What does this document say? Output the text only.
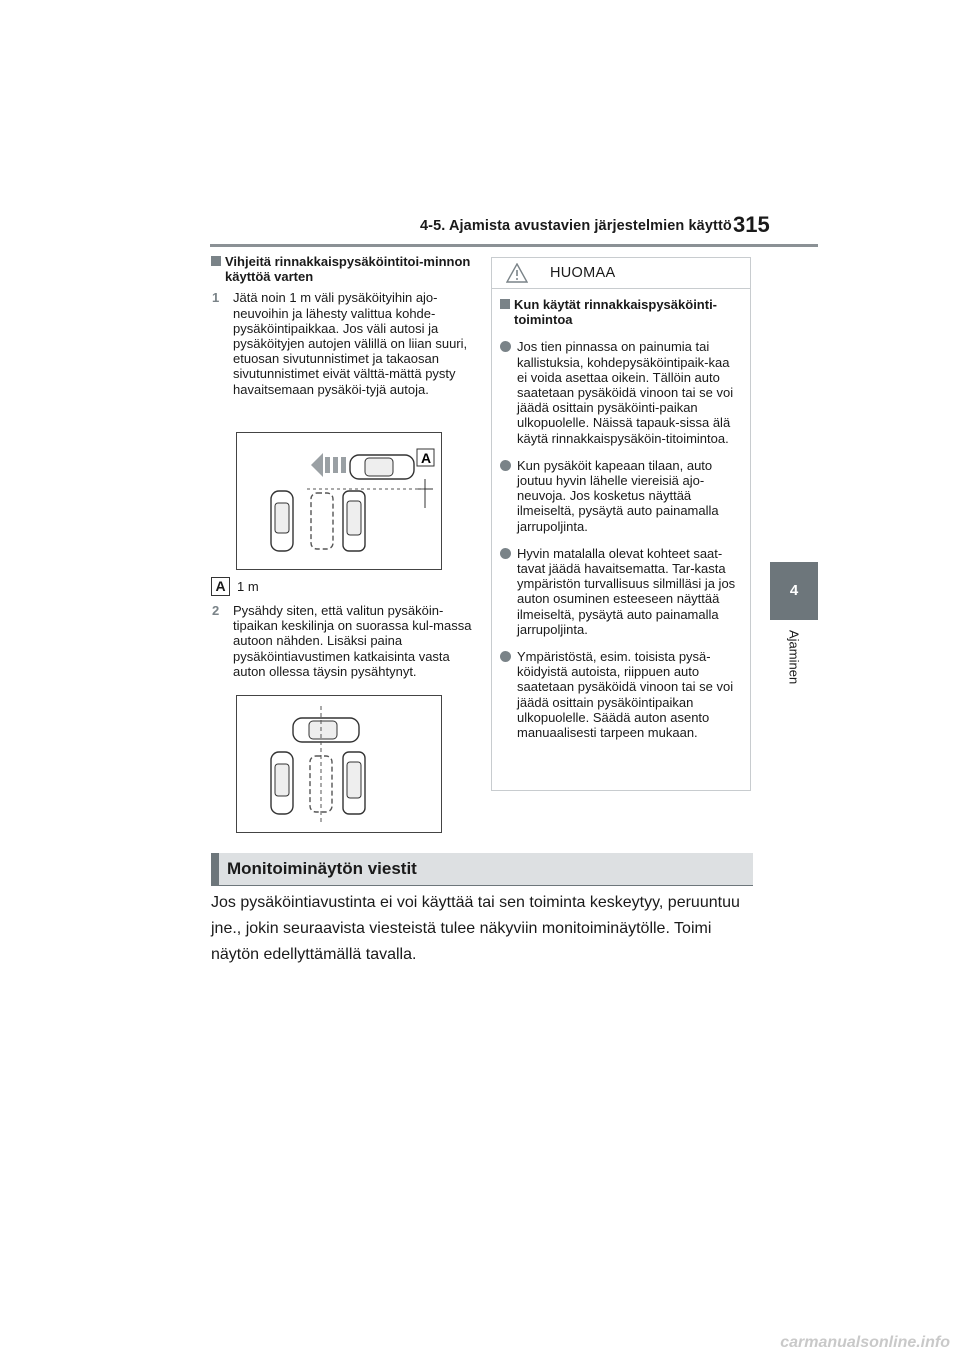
4-5. Ajamista avustavien järjestelmien käyttö 315
4
Ajaminen
Vihjeitä rinnakkaispysäköintitoi-minnon käyttöä varten
1 Jätä noin 1 m väli pysäköityihin ajo-neuvoihin ja lähesty valittua kohde-pysäköintipaikkaa. Jos väli autosi ja pysäköityjen autojen välillä on liian suuri, etuosan sivutunnistimet ja takaosan sivutunnistimet eivät välttä-mättä pysty havaitsemaan pysäköi-tyjä autoja.
A
A 1 m
2 Pysähdy siten, että valitun pysäköin-tipaikan keskilinja on suorassa kul-massa autoon nähden. Lisäksi paina pysäköintiavustimen katkaisinta vasta auton ollessa täysin pysähtynyt.
HUOMAA
Kun käytät rinnakkaispysäköinti-toimintoa
Jos tien pinnassa on painumia tai kallistuksia, kohdepysäköintipaik-kaa ei voida asettaa oikein. Tällöin auto saatetaan pysäköidä vinoon tai se voi jäädä osittain pysäköinti-paikan ulkopuolelle. Näissä tapauk-sissa älä käytä rinnakkaispysäköin-titoimintoa.
Kun pysäköit kapeaan tilaan, auto joutuu hyvin lähelle viereisiä ajo-neuvoja. Jos kosketus näyttää ilmeiseltä, pysäytä auto painamalla jarrupoljinta.
Hyvin matalalla olevat kohteet saat-tavat jäädä havaitsematta. Tar-kasta ympäristön turvallisuus silmilläsi ja jos auton osuminen esteeseen näyttää ilmeiseltä, pysäytä auto painamalla jarrupoljinta.
Ympäristöstä, esim. toisista pysä-köidyistä autoista, riippuen auto saatetaan pysäköidä vinoon tai se voi jäädä osittain pysäköintipaikan ulkopuolelle. Säädä auton asento manuaalisesti tarpeen mukaan.
Monitoiminäytön viestit
Jos pysäköintiavustinta ei voi käyttää tai sen toiminta keskeytyy, peruuntuu jne., jokin seuraavista viesteistä tulee näkyviin monitoiminäytölle. Toimi näytön edellyttämällä tavalla.
carmanualsonline.info
